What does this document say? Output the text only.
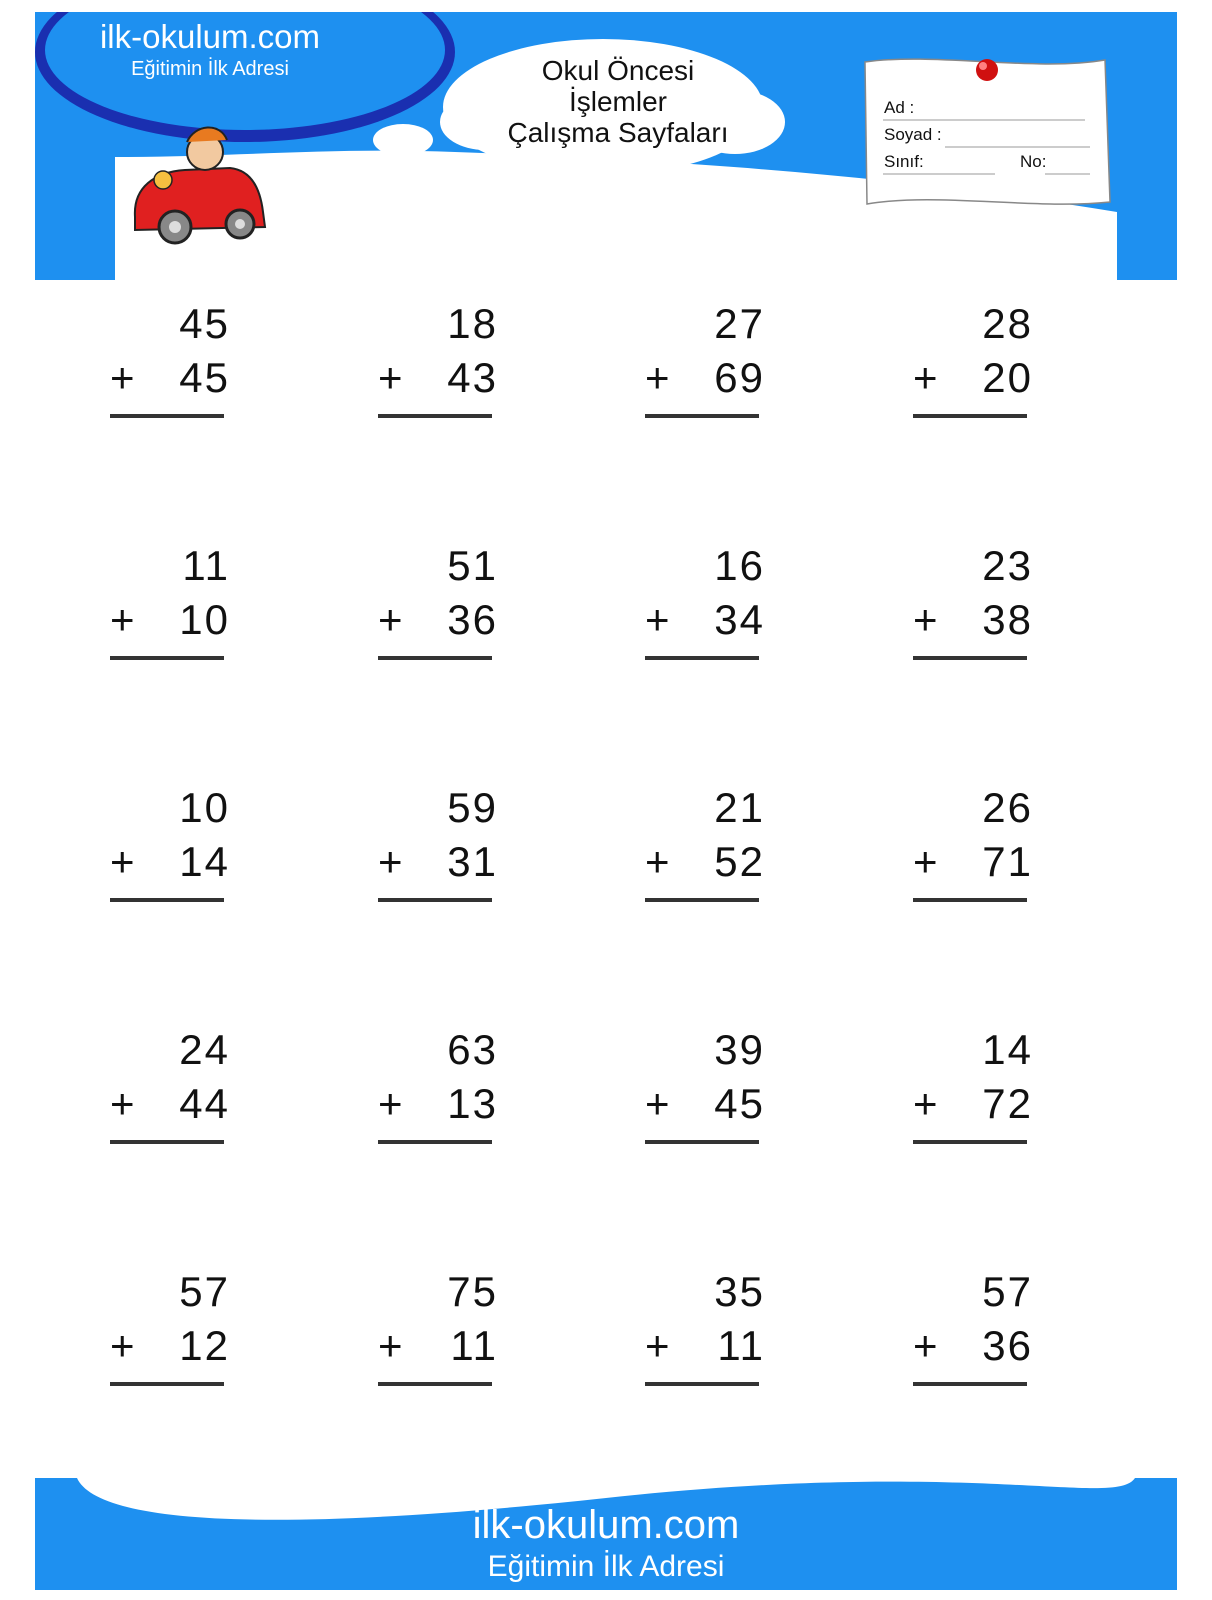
ilk-okulum.com
Eğitimin İlk Adresi	Okul Öncesi
İşlemler
Çalışma Sayfaları
Ad :
Soyad :
Sınıf:	No:
45
+ 45
18
+ 43
27
+ 69
28
+ 20
11
+ 10
51
+ 36
16
+ 34
23
+ 38
10
+ 14
59
+ 31
21
+ 52
26
+ 71
24
+ 44
63
+ 13
39
+ 45
14
+ 72
57
+ 12
75
+ 11
35
+ 11
57
+ 36
ilk-okulum.com
Eğitimin İlk Adresi
